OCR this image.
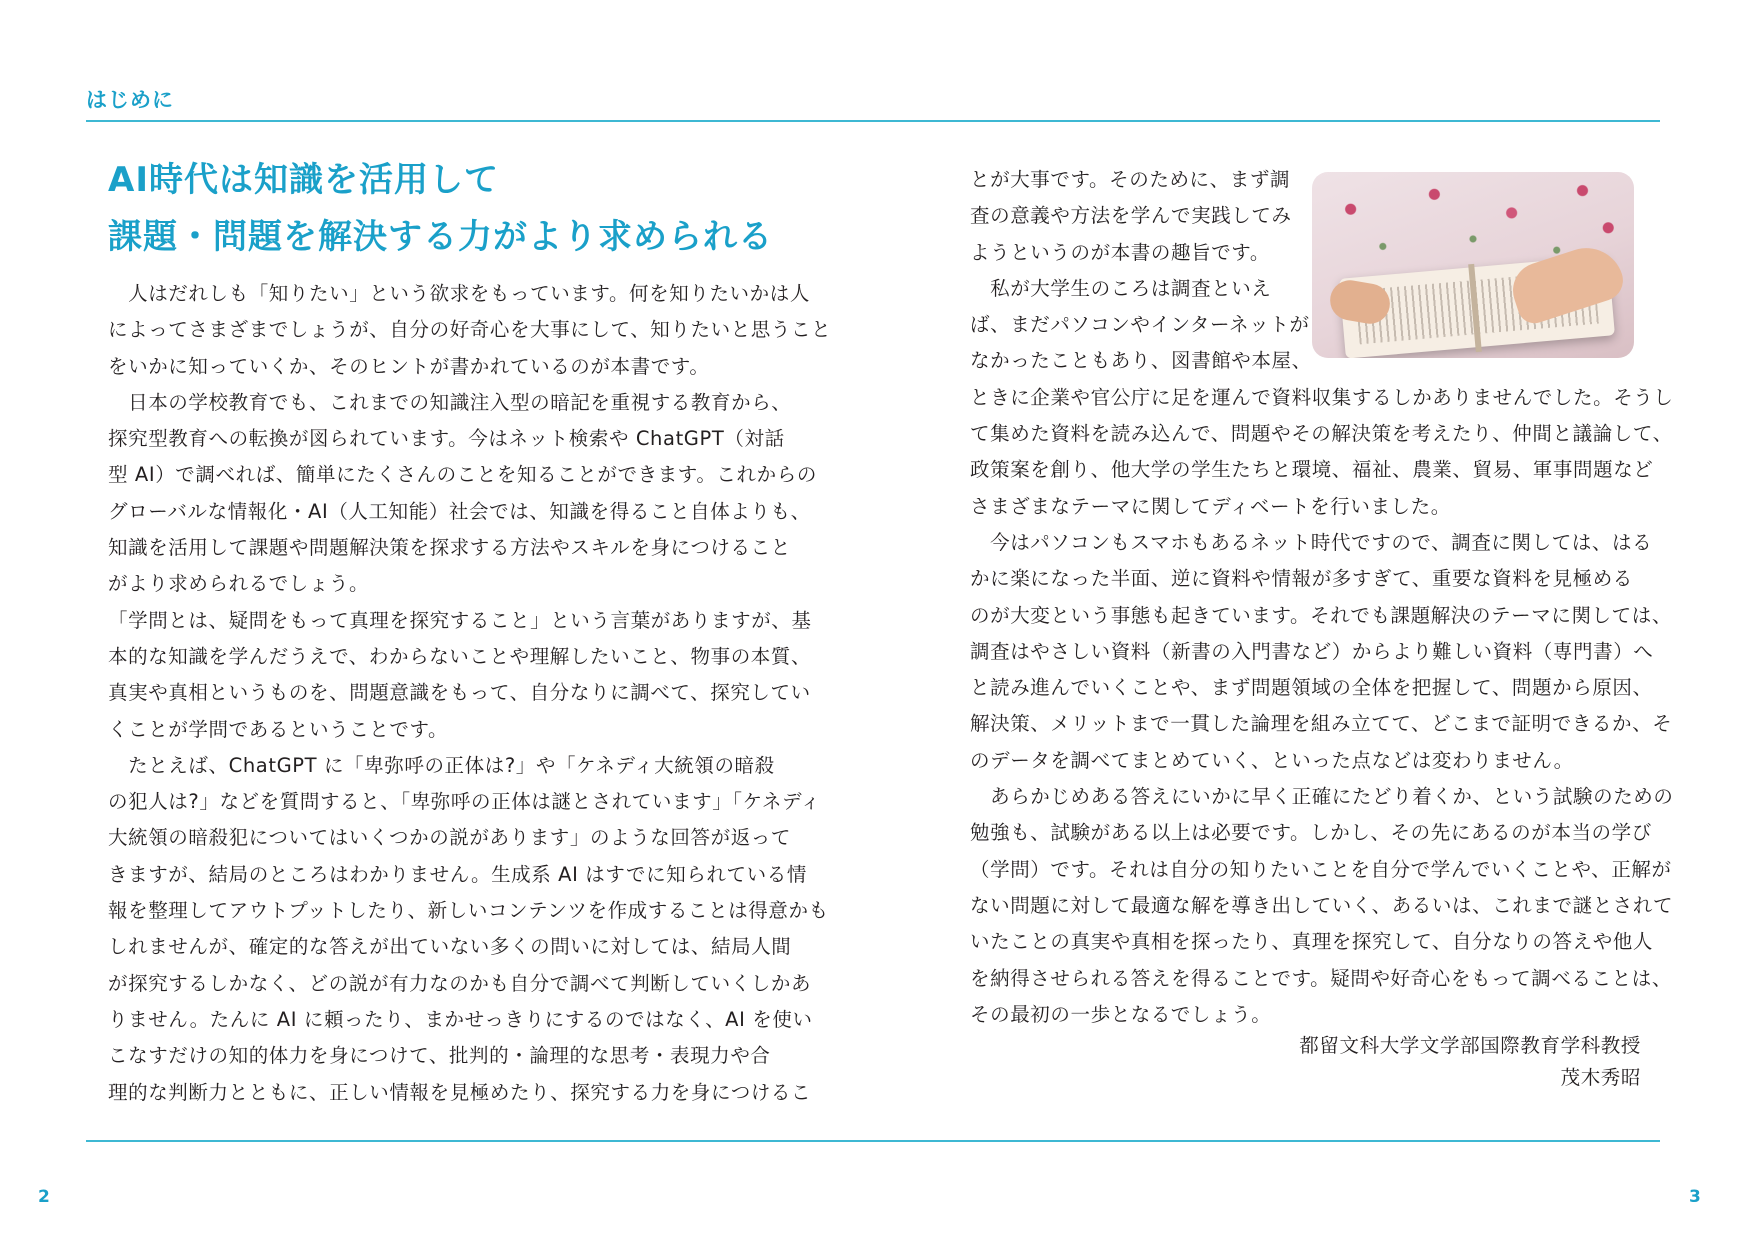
はじめに
AI時代は知識を活用して
課題・問題を解決する力がより求められる

　人はだれしも「知りたい」という欲求をもっています。何を知りたいかは人

によってさまざまでしょうが、自分の好奇心を大事にして、知りたいと思うこと

をいかに知っていくか、そのヒントが書かれているのが本書です。

　日本の学校教育でも、これまでの知識注入型の暗記を重視する教育から、

探究型教育への転換が図られています。今はネット検索や ChatGPT（対話

型 AI）で調べれば、簡単にたくさんのことを知ることができます。これからの

グローバルな情報化・AI（人工知能）社会では、知識を得ること自体よりも、

知識を活用して課題や問題解決策を探求する方法やスキルを身につけること

がより求められるでしょう。

「学問とは、疑問をもって真理を探究すること」という言葉がありますが、基

本的な知識を学んだうえで、わからないことや理解したいこと、物事の本質、

真実や真相というものを、問題意識をもって、自分なりに調べて、探究してい

くことが学問であるということです。

　たとえば、ChatGPT に「卑弥呼の正体は?」や「ケネディ大統領の暗殺

の犯人は?」などを質問すると、「卑弥呼の正体は謎とされています」「ケネディ

大統領の暗殺犯についてはいくつかの説があります」のような回答が返って

きますが、結局のところはわかりません。生成系 AI はすでに知られている情

報を整理してアウトプットしたり、新しいコンテンツを作成することは得意かも

しれませんが、確定的な答えが出ていない多くの問いに対しては、結局人間

が探究するしかなく、どの説が有力なのかも自分で調べて判断していくしかあ

りません。たんに AI に頼ったり、まかせっきりにするのではなく、AI を使い

こなすだけの知的体力を身につけて、批判的・論理的な思考・表現力や合

理的な判断力とともに、正しい情報を見極めたり、探究する力を身につけるこ

とが大事です。そのために、まず調

査の意義や方法を学んで実践してみ

ようというのが本書の趣旨です。

　私が大学生のころは調査といえ

ば、まだパソコンやインターネットが

なかったこともあり、図書館や本屋、

ときに企業や官公庁に足を運んで資料収集するしかありませんでした。そうし

て集めた資料を読み込んで、問題やその解決策を考えたり、仲間と議論して、

政策案を創り、他大学の学生たちと環境、福祉、農業、貿易、軍事問題など

さまざまなテーマに関してディベートを行いました。

　今はパソコンもスマホもあるネット時代ですので、調査に関しては、はる

かに楽になった半面、逆に資料や情報が多すぎて、重要な資料を見極める

のが大変という事態も起きています。それでも課題解決のテーマに関しては、

調査はやさしい資料（新書の入門書など）からより難しい資料（専門書）へ

と読み進んでいくことや、まず問題領域の全体を把握して、問題から原因、

解決策、メリットまで一貫した論理を組み立てて、どこまで証明できるか、そ

のデータを調べてまとめていく、といった点などは変わりません。

　あらかじめある答えにいかに早く正確にたどり着くか、という試験のための

勉強も、試験がある以上は必要です。しかし、その先にあるのが本当の学び

（学問）です。それは自分の知りたいことを自分で学んでいくことや、正解が

ない問題に対して最適な解を導き出していく、あるいは、これまで謎とされて

いたことの真実や真相を探ったり、真理を探究して、自分なりの答えや他人

を納得させられる答えを得ることです。疑問や好奇心をもって調べることは、

その最初の一歩となるでしょう。

都留文科大学文学部国際教育学科教授
茂木秀昭
2	3
